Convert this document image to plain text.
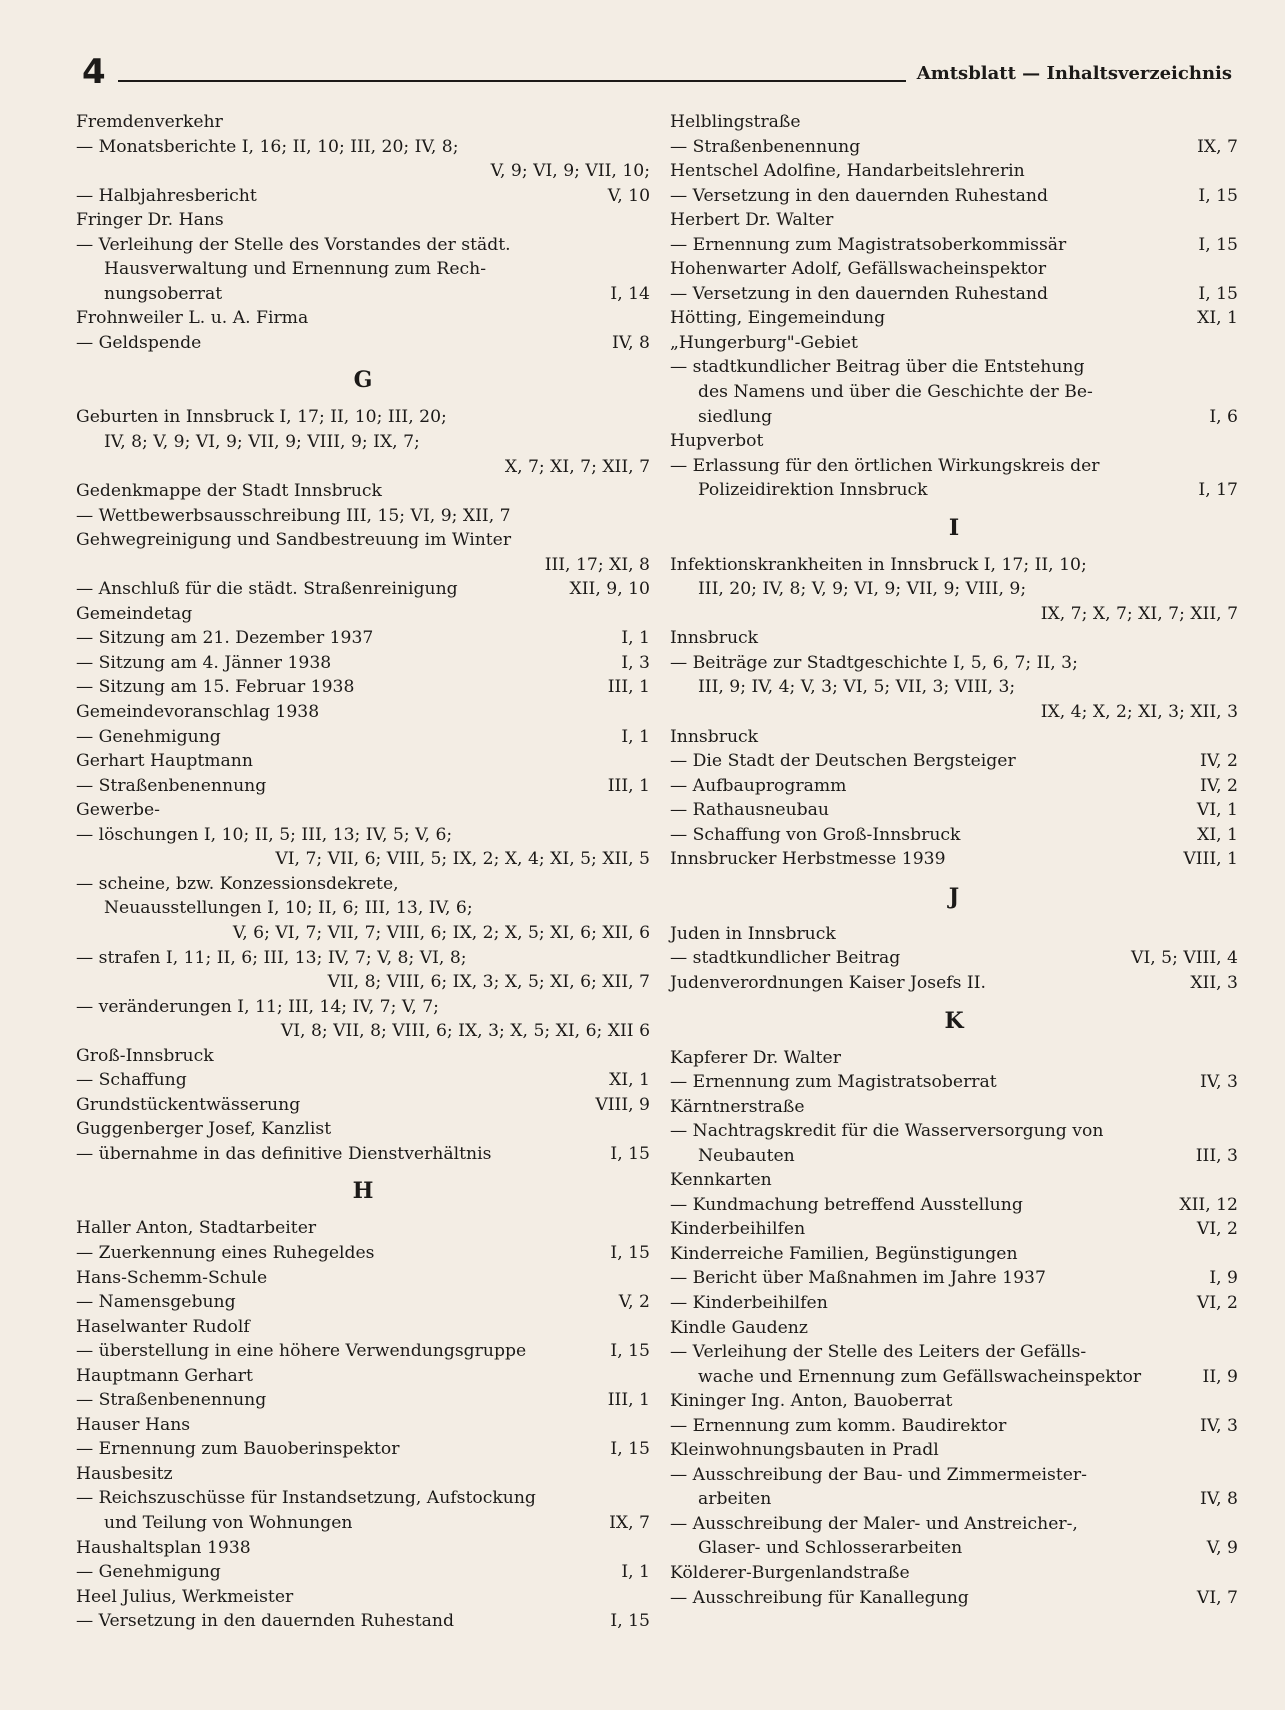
4	Amtsblatt — Inhaltsverzeichnis
Fremdenverkehr
— Monatsberichte I, 16; II, 10; III, 20; IV, 8;
V, 9; VI, 9; VII, 10;
— Halbjahresbericht	V, 10
Fringer Dr. Hans
— Verleihung der Stelle des Vorstandes der städt.
Hausverwaltung und Ernennung zum Rech-
nungsoberrat	I, 14
Frohnweiler L. u. A. Firma
— Geldspende	IV, 8
G
Geburten in Innsbruck I, 17; II, 10; III, 20;
IV, 8; V, 9; VI, 9; VII, 9; VIII, 9; IX, 7;
X, 7; XI, 7; XII, 7
Gedenkmappe der Stadt Innsbruck
— Wettbewerbsausschreibung III, 15; VI, 9; XII, 7
Gehwegreinigung und Sandbestreuung im Winter
III, 17; XI, 8
— Anschluß für die städt. Straßenreinigung	XII, 9, 10
Gemeindetag
— Sitzung am 21. Dezember 1937	I, 1
— Sitzung am 4. Jänner 1938	I, 3
— Sitzung am 15. Februar 1938	III, 1
Gemeindevoranschlag 1938
— Genehmigung	I, 1
Gerhart Hauptmann
— Straßenbenennung	III, 1
Gewerbe-
— löschungen I, 10; II, 5; III, 13; IV, 5; V, 6;
VI, 7; VII, 6; VIII, 5; IX, 2; X, 4; XI, 5; XII, 5
— scheine, bzw. Konzessionsdekrete,
Neuausstellungen I, 10; II, 6; III, 13, IV, 6;
V, 6; VI, 7; VII, 7; VIII, 6; IX, 2; X, 5; XI, 6; XII, 6
— strafen I, 11; II, 6; III, 13; IV, 7; V, 8; VI, 8;
VII, 8; VIII, 6; IX, 3; X, 5; XI, 6; XII, 7
— veränderungen I, 11; III, 14; IV, 7; V, 7;
VI, 8; VII, 8; VIII, 6; IX, 3; X, 5; XI, 6; XII 6
Groß-Innsbruck
— Schaffung	XI, 1
Grundstückentwässerung	VIII, 9
Guggenberger Josef, Kanzlist
— übernahme in das definitive Dienstverhältnis	I, 15
H
Haller Anton, Stadtarbeiter
— Zuerkennung eines Ruhegeldes	I, 15
Hans-Schemm-Schule
— Namensgebung	V, 2
Haselwanter Rudolf
— überstellung in eine höhere Verwendungsgruppe	I, 15
Hauptmann Gerhart
— Straßenbenennung	III, 1
Hauser Hans
— Ernennung zum Bauoberinspektor	I, 15
Hausbesitz
— Reichszuschüsse für Instandsetzung, Aufstockung
und Teilung von Wohnungen	IX, 7
Haushaltsplan 1938
— Genehmigung	I, 1
Heel Julius, Werkmeister
— Versetzung in den dauernden Ruhestand	I, 15
Helblingstraße
— Straßenbenennung	IX, 7
Hentschel Adolfine, Handarbeitslehrerin
— Versetzung in den dauernden Ruhestand	I, 15
Herbert Dr. Walter
— Ernennung zum Magistratsoberkommissär	I, 15
Hohenwarter Adolf, Gefällswacheinspektor
— Versetzung in den dauernden Ruhestand	I, 15
Hötting, Eingemeindung	XI, 1
„Hungerburg"-Gebiet
— stadtkundlicher Beitrag über die Entstehung
des Namens und über die Geschichte der Be-
siedlung	I, 6
Hupverbot
— Erlassung für den örtlichen Wirkungskreis der
Polizeidirektion Innsbruck	I, 17
I
Infektionskrankheiten in Innsbruck I, 17; II, 10;
III, 20; IV, 8; V, 9; VI, 9; VII, 9; VIII, 9;
IX, 7; X, 7; XI, 7; XII, 7
Innsbruck
— Beiträge zur Stadtgeschichte I, 5, 6, 7; II, 3;
III, 9; IV, 4; V, 3; VI, 5; VII, 3; VIII, 3;
IX, 4; X, 2; XI, 3; XII, 3
Innsbruck
— Die Stadt der Deutschen Bergsteiger	IV, 2
— Aufbauprogramm	IV, 2
— Rathausneubau	VI, 1
— Schaffung von Groß-Innsbruck	XI, 1
Innsbrucker Herbstmesse 1939	VIII, 1
J
Juden in Innsbruck
— stadtkundlicher Beitrag	VI, 5; VIII, 4
Judenverordnungen Kaiser Josefs II.	XII, 3
K
Kapferer Dr. Walter
— Ernennung zum Magistratsoberrat	IV, 3
Kärntnerstraße
— Nachtragskredit für die Wasserversorgung von
Neubauten	III, 3
Kennkarten
— Kundmachung betreffend Ausstellung	XII, 12
Kinderbeihilfen	VI, 2
Kinderreiche Familien, Begünstigungen
— Bericht über Maßnahmen im Jahre 1937	I, 9
— Kinderbeihilfen	VI, 2
Kindle Gaudenz
— Verleihung der Stelle des Leiters der Gefälls-
wache und Ernennung zum Gefällswacheinspektor	II, 9
Kininger Ing. Anton, Bauoberrat
— Ernennung zum komm. Baudirektor	IV, 3
Kleinwohnungsbauten in Pradl
— Ausschreibung der Bau- und Zimmermeister-
arbeiten	IV, 8
— Ausschreibung der Maler- und Anstreicher-,
Glaser- und Schlosserarbeiten	V, 9
Kölderer-Burgenlandstraße
— Ausschreibung für Kanallegung	VI, 7
